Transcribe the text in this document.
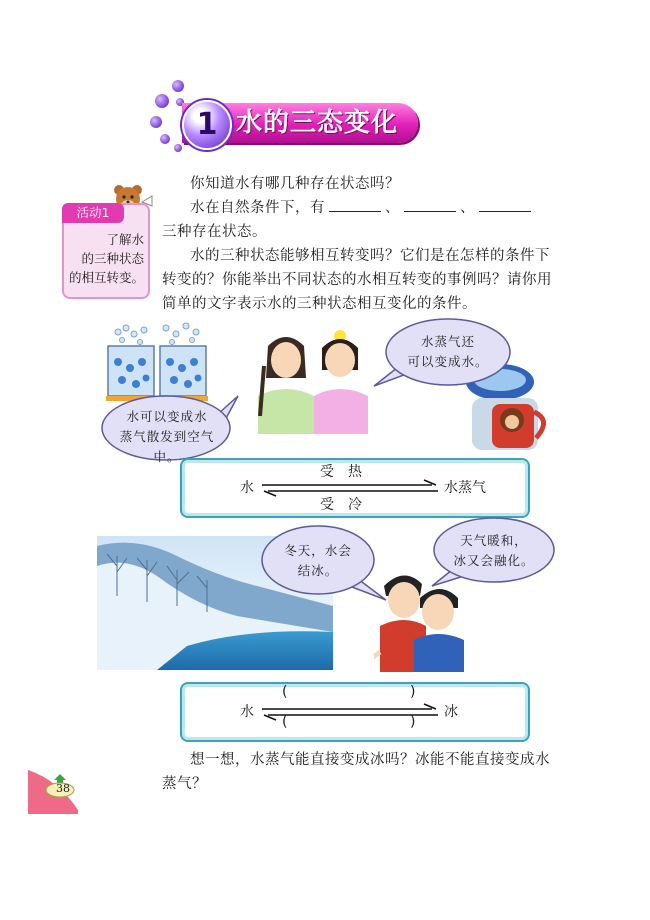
1 水的三态变化
你知道水有哪几种存在状态吗？
水在自然条件下，有	、	、
三种存在状态。
活动1
了解水
的三种状态
的相互转变。
水的三种状态能够相互转变吗？它们是在怎样的条件下
转变的？你能举出不同状态的水相互转变的事例吗？请你用
简单的文字表示水的三种状态相互变化的条件。
水可以变成水
蒸气散发到空气中。
水蒸气还
可以变成水。
水
受　热
受　冷
水蒸气
冬天，水会
结冰。
天气暖和，
冰又会融化。
水
(	)
(	)
冰
想一想，水蒸气能直接变成冰吗？冰能不能直接变成水
蒸气？
38
